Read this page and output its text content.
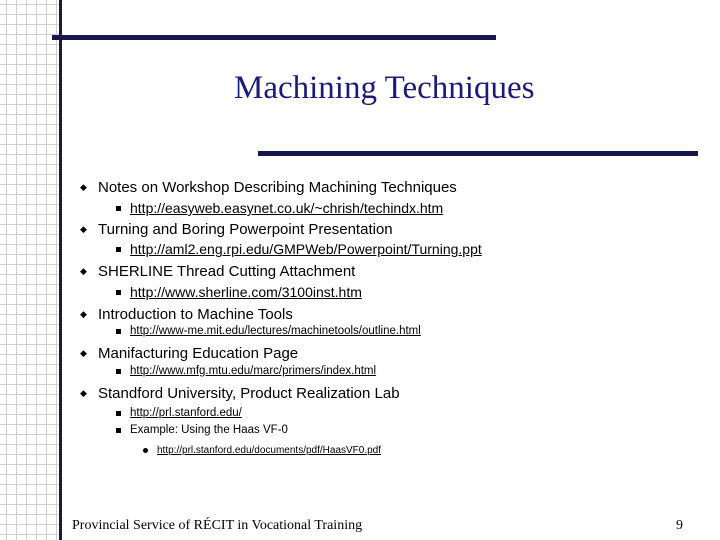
Machining Techniques
◆ Notes on Workshop Describing Machining Techniques
http://easyweb.easynet.co.uk/~chrish/techindx.htm
◆ Turning and Boring Powerpoint Presentation
http://aml2.eng.rpi.edu/GMPWeb/Powerpoint/Turning.ppt
◆ SHERLINE Thread Cutting Attachment
http://www.sherline.com/3100inst.htm
◆ Introduction to Machine Tools
http://www-me.mit.edu/lectures/machinetools/outline.html
◆ Manifacturing Education Page
http://www.mfg.mtu.edu/marc/primers/index.html
◆ Standford University, Product Realization Lab
http://prl.stanford.edu/
Example: Using the Haas VF-0
http://prl.stanford.edu/documents/pdf/HaasVF0.pdf
Provincial Service of RÉCIT in Vocational Training	9
